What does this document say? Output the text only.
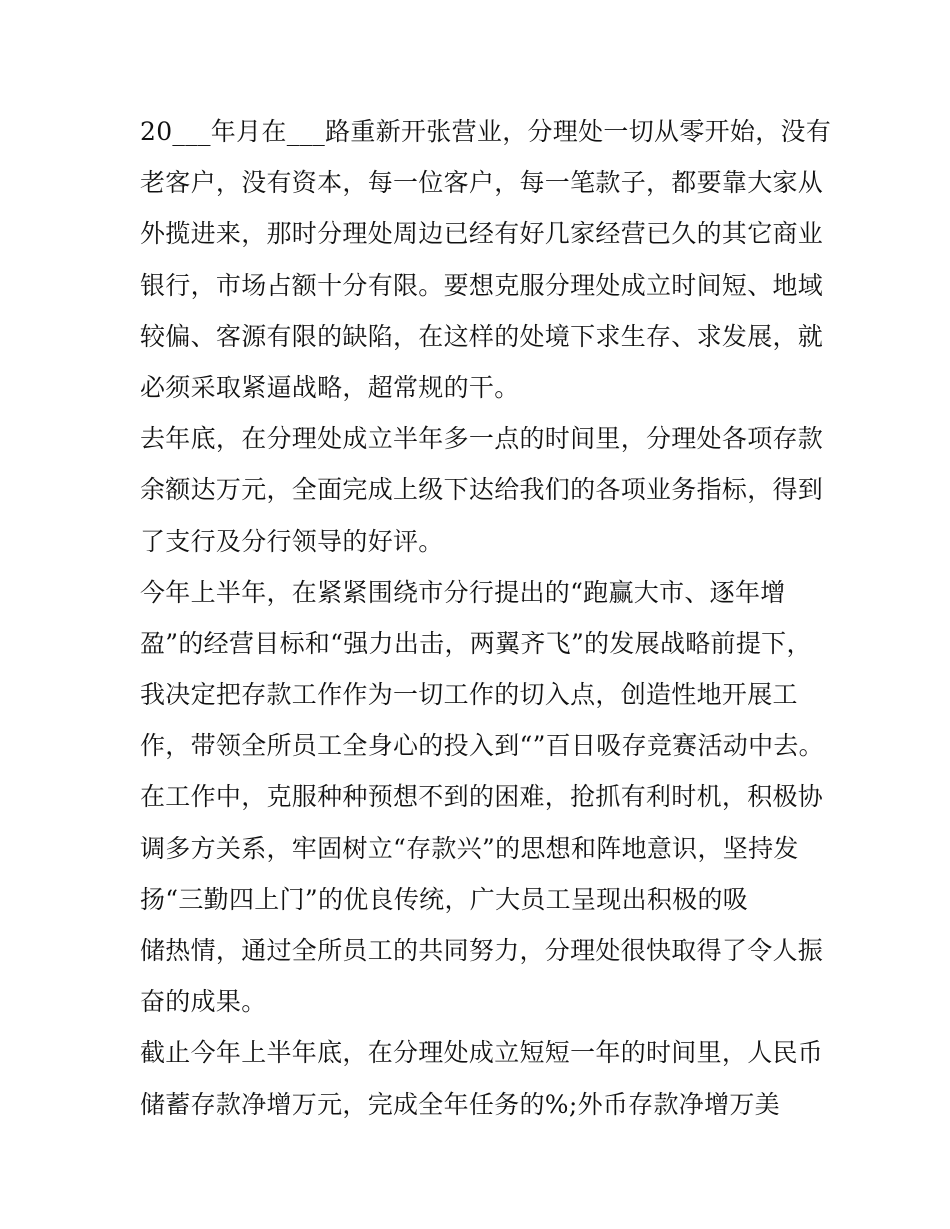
20___年月在___路重新开张营业，分理处一切从零开始，没有
老客户，没有资本，每一位客户，每一笔款子，都要靠大家从
外揽进来，那时分理处周边已经有好几家经营已久的其它商业
银行，市场占额十分有限。要想克服分理处成立时间短、地域
较偏、客源有限的缺陷，在这样的处境下求生存、求发展，就
必须采取紧逼战略，超常规的干。
去年底，在分理处成立半年多一点的时间里，分理处各项存款
余额达万元，全面完成上级下达给我们的各项业务指标，得到
了支行及分行领导的好评。
今年上半年，在紧紧围绕市分行提出的“跑赢大市、逐年增
盈”的经营目标和“强力出击，两翼齐飞”的发展战略前提下，
我决定把存款工作作为一切工作的切入点，创造性地开展工
作，带领全所员工全身心的投入到“”百日吸存竞赛活动中去。
在工作中，克服种种预想不到的困难，抢抓有利时机，积极协
调多方关系，牢固树立“存款兴”的思想和阵地意识，坚持发
扬“三勤四上门”的优良传统，广大员工呈现出积极的吸
储热情，通过全所员工的共同努力，分理处很快取得了令人振
奋的成果。
截止今年上半年底，在分理处成立短短一年的时间里，人民币
储蓄存款净增万元，完成全年任务的%;外币存款净增万美
